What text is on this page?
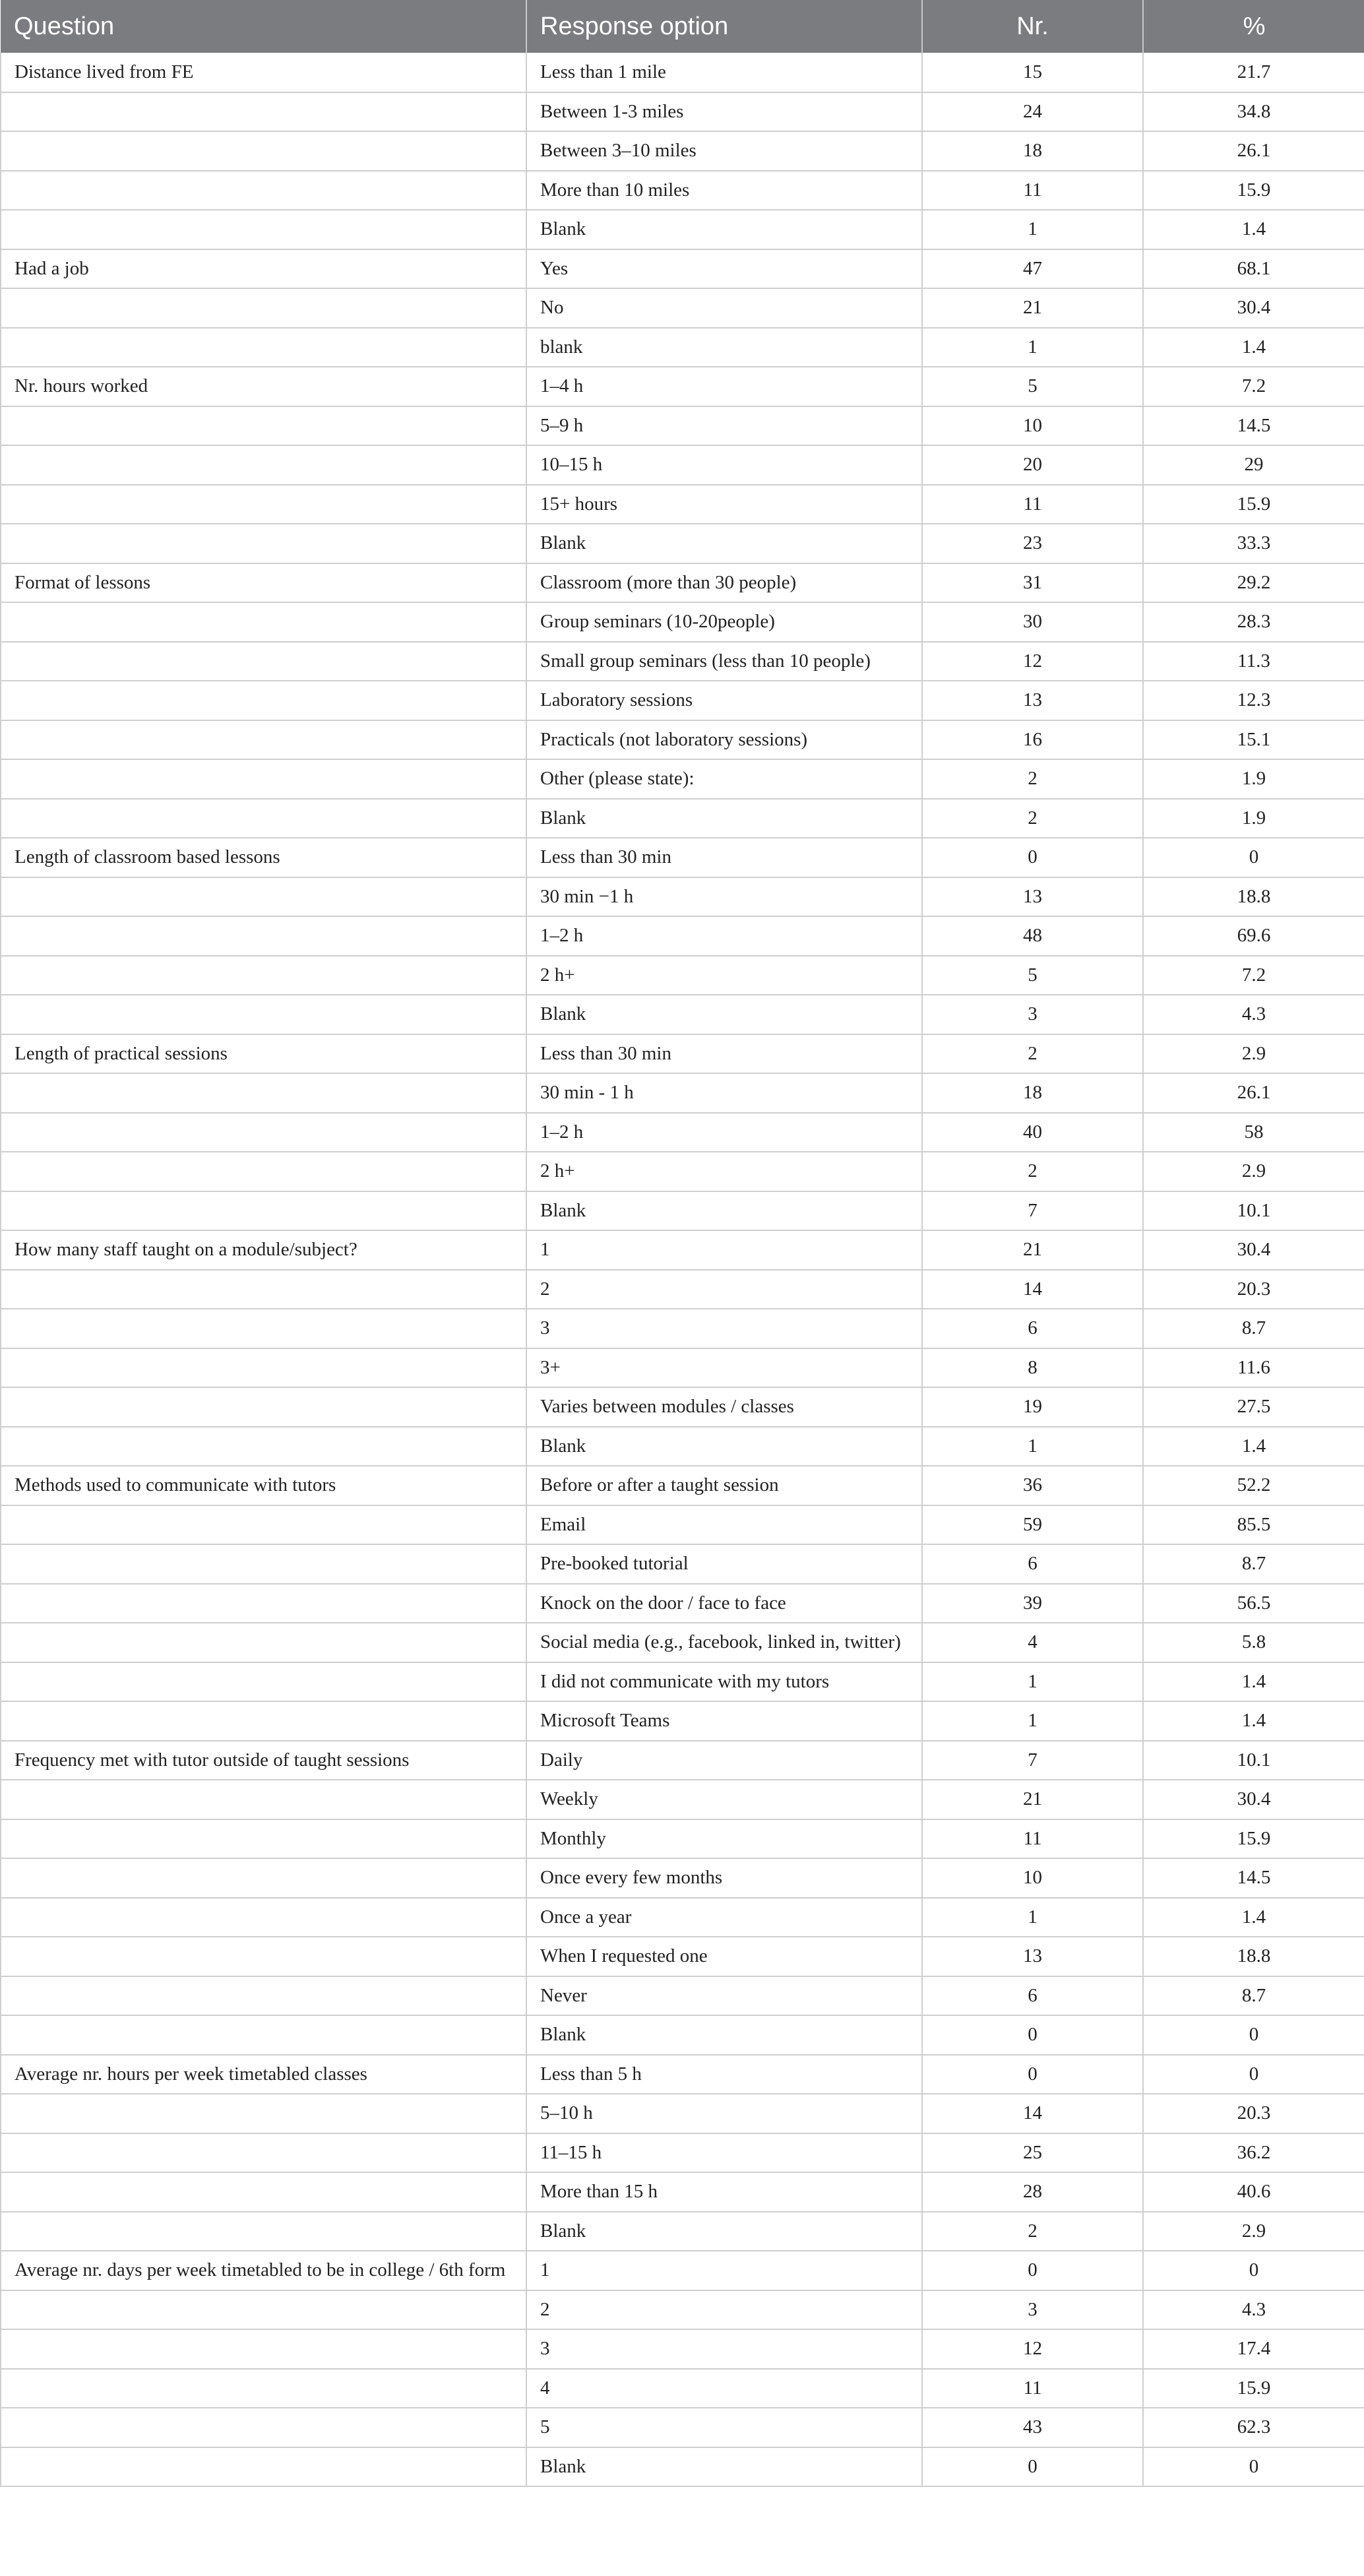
Question	Response option	Nr.	%
Distance lived from FE	Less than 1 mile	15	21.7
	Between 1-3 miles	24	34.8
	Between 3–10 miles	18	26.1
	More than 10 miles	11	15.9
	Blank	1	1.4
Had a job	Yes	47	68.1
	No	21	30.4
	blank	1	1.4
Nr. hours worked	1–4 h	5	7.2
	5–9 h	10	14.5
	10–15 h	20	29
	15+ hours	11	15.9
	Blank	23	33.3
Format of lessons	Classroom (more than 30 people)	31	29.2
	Group seminars (10-20people)	30	28.3
	Small group seminars (less than 10 people)	12	11.3
	Laboratory sessions	13	12.3
	Practicals (not laboratory sessions)	16	15.1
	Other (please state):	2	1.9
	Blank	2	1.9
Length of classroom based lessons	Less than 30 min	0	0
	30 min −1 h	13	18.8
	1–2 h	48	69.6
	2 h+	5	7.2
	Blank	3	4.3
Length of practical sessions	Less than 30 min	2	2.9
	30 min - 1 h	18	26.1
	1–2 h	40	58
	2 h+	2	2.9
	Blank	7	10.1
How many staff taught on a module/subject?	1	21	30.4
	2	14	20.3
	3	6	8.7
	3+	8	11.6
	Varies between modules / classes	19	27.5
	Blank	1	1.4
Methods used to communicate with tutors	Before or after a taught session	36	52.2
	Email	59	85.5
	Pre-booked tutorial	6	8.7
	Knock on the door / face to face	39	56.5
	Social media (e.g., facebook, linked in, twitter)	4	5.8
	I did not communicate with my tutors	1	1.4
	Microsoft Teams	1	1.4
Frequency met with tutor outside of taught sessions	Daily	7	10.1
	Weekly	21	30.4
	Monthly	11	15.9
	Once every few months	10	14.5
	Once a year	1	1.4
	When I requested one	13	18.8
	Never	6	8.7
	Blank	0	0
Average nr. hours per week timetabled classes	Less than 5 h	0	0
	5–10 h	14	20.3
	11–15 h	25	36.2
	More than 15 h	28	40.6
	Blank	2	2.9
Average nr. days per week timetabled to be in college / 6th form	1	0	0
	2	3	4.3
	3	12	17.4
	4	11	15.9
	5	43	62.3
	Blank	0	0
